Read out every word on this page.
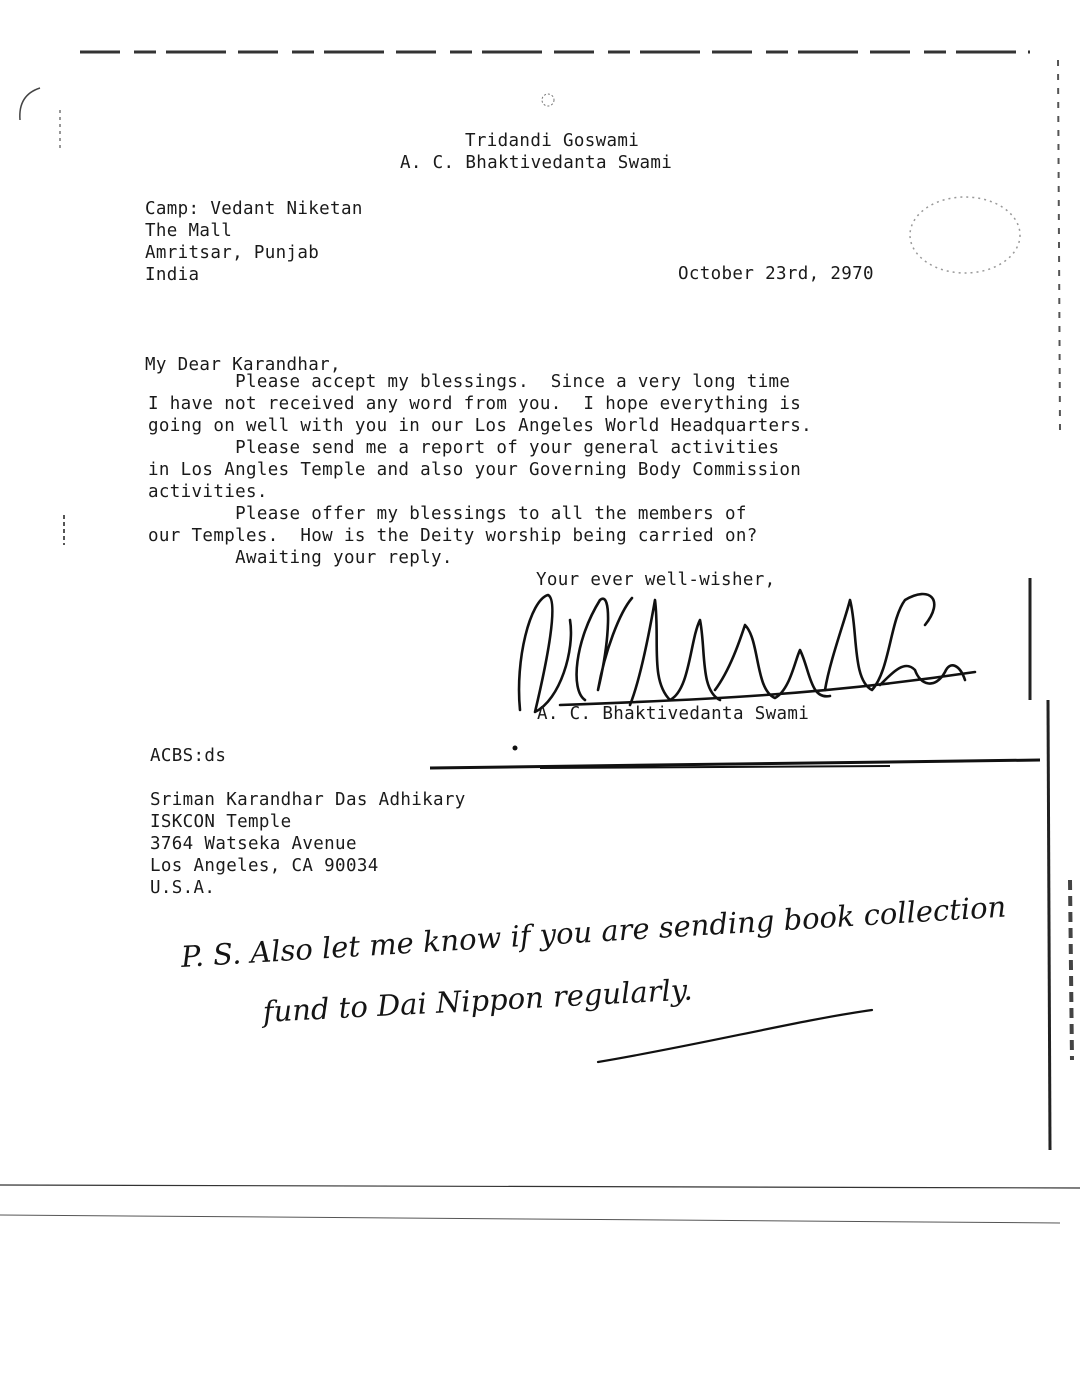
Tridandi Goswami
A. C. Bhaktivedanta Swami
Camp: Vedant Niketan
The Mall
Amritsar, Punjab
India	October 23rd, 2970
My Dear Karandhar,
Please accept my blessings.  Since a very long time
I have not received any word from you.  I hope everything is
going on well with you in our Los Angeles World Headquarters.
Please send me a report of your general activities
in Los Angles Temple and also your Governing Body Commission
activities.
Please offer my blessings to all the members of
our Temples.  How is the Deity worship being carried on?
Awaiting your reply.
Your ever well-wisher,
A. C. Bhaktivedanta Swami
ACBS:ds
Sriman Karandhar Das Adhikary
ISKCON Temple
3764 Watseka Avenue
Los Angeles, CA 90034
U.S.A.
P. S. Also let me know if you are sending book collection
fund to Dai Nippon regularly.
